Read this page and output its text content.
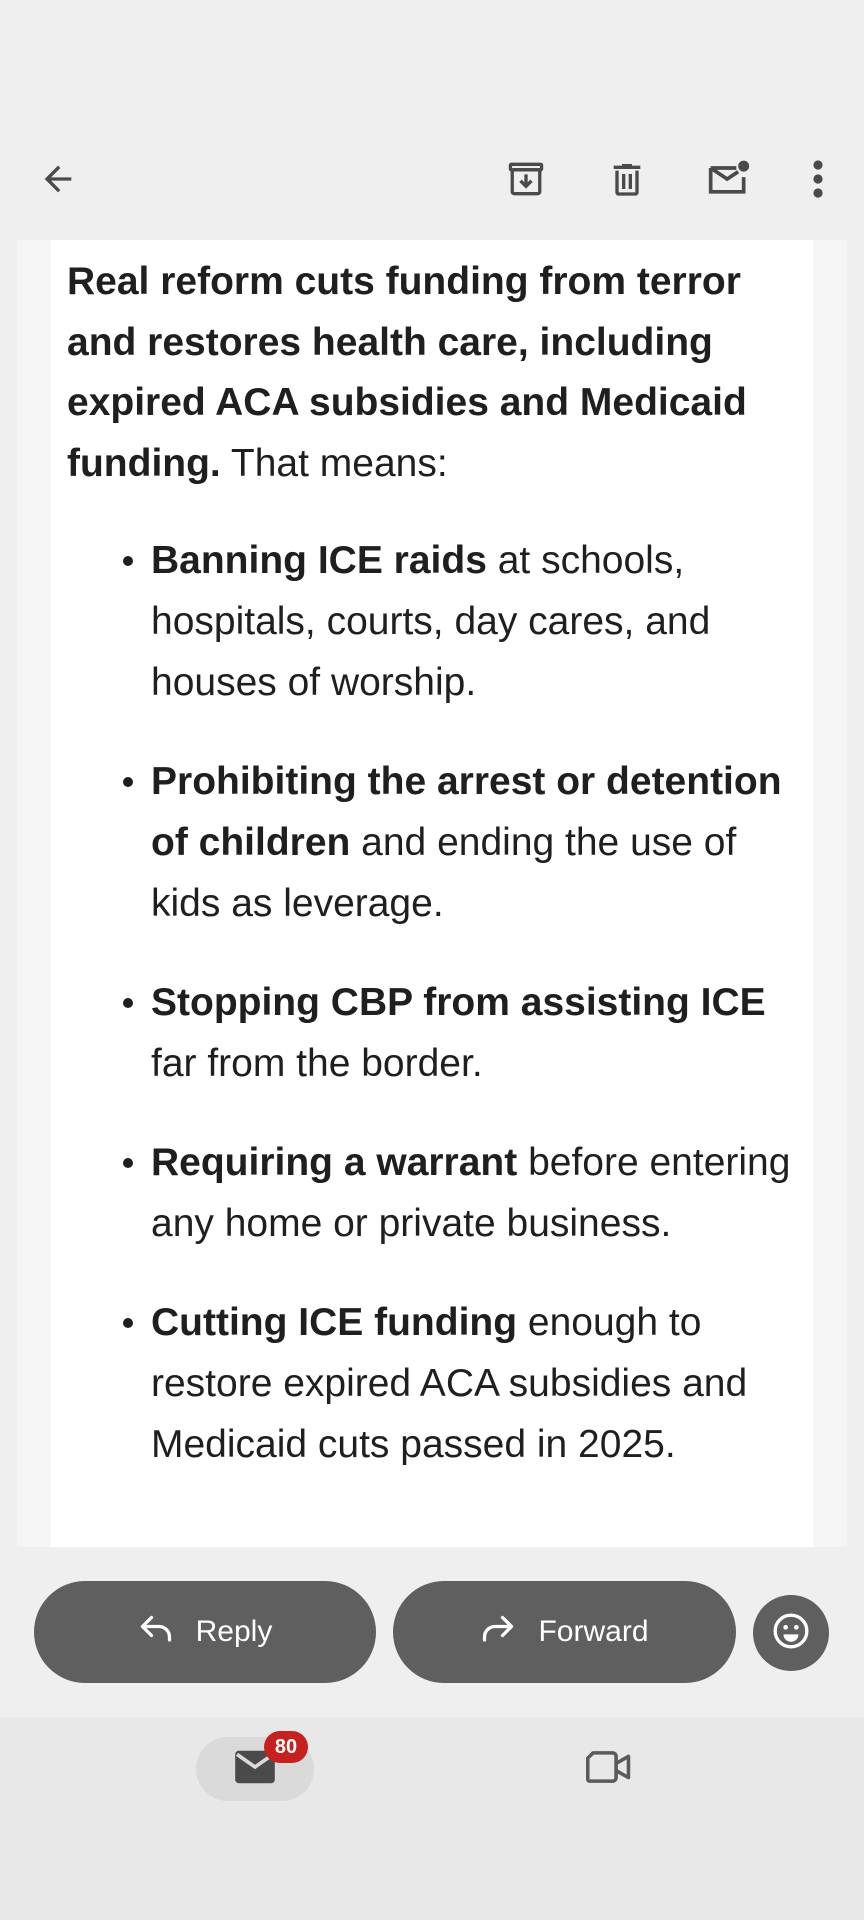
Real reform cuts funding from terror and restores health care, including expired ACA subsidies and Medicaid funding. That means:

Banning ICE raids at schools, hospitals, courts, day cares, and houses of worship.
Prohibiting the arrest or detention of children and ending the use of kids as leverage.
Stopping CBP from assisting ICE far from the border.
Requiring a warrant before entering any home or private business.
Cutting ICE funding enough to restore expired ACA subsidies and Medicaid cuts passed in 2025.
Reply	Forward
80
